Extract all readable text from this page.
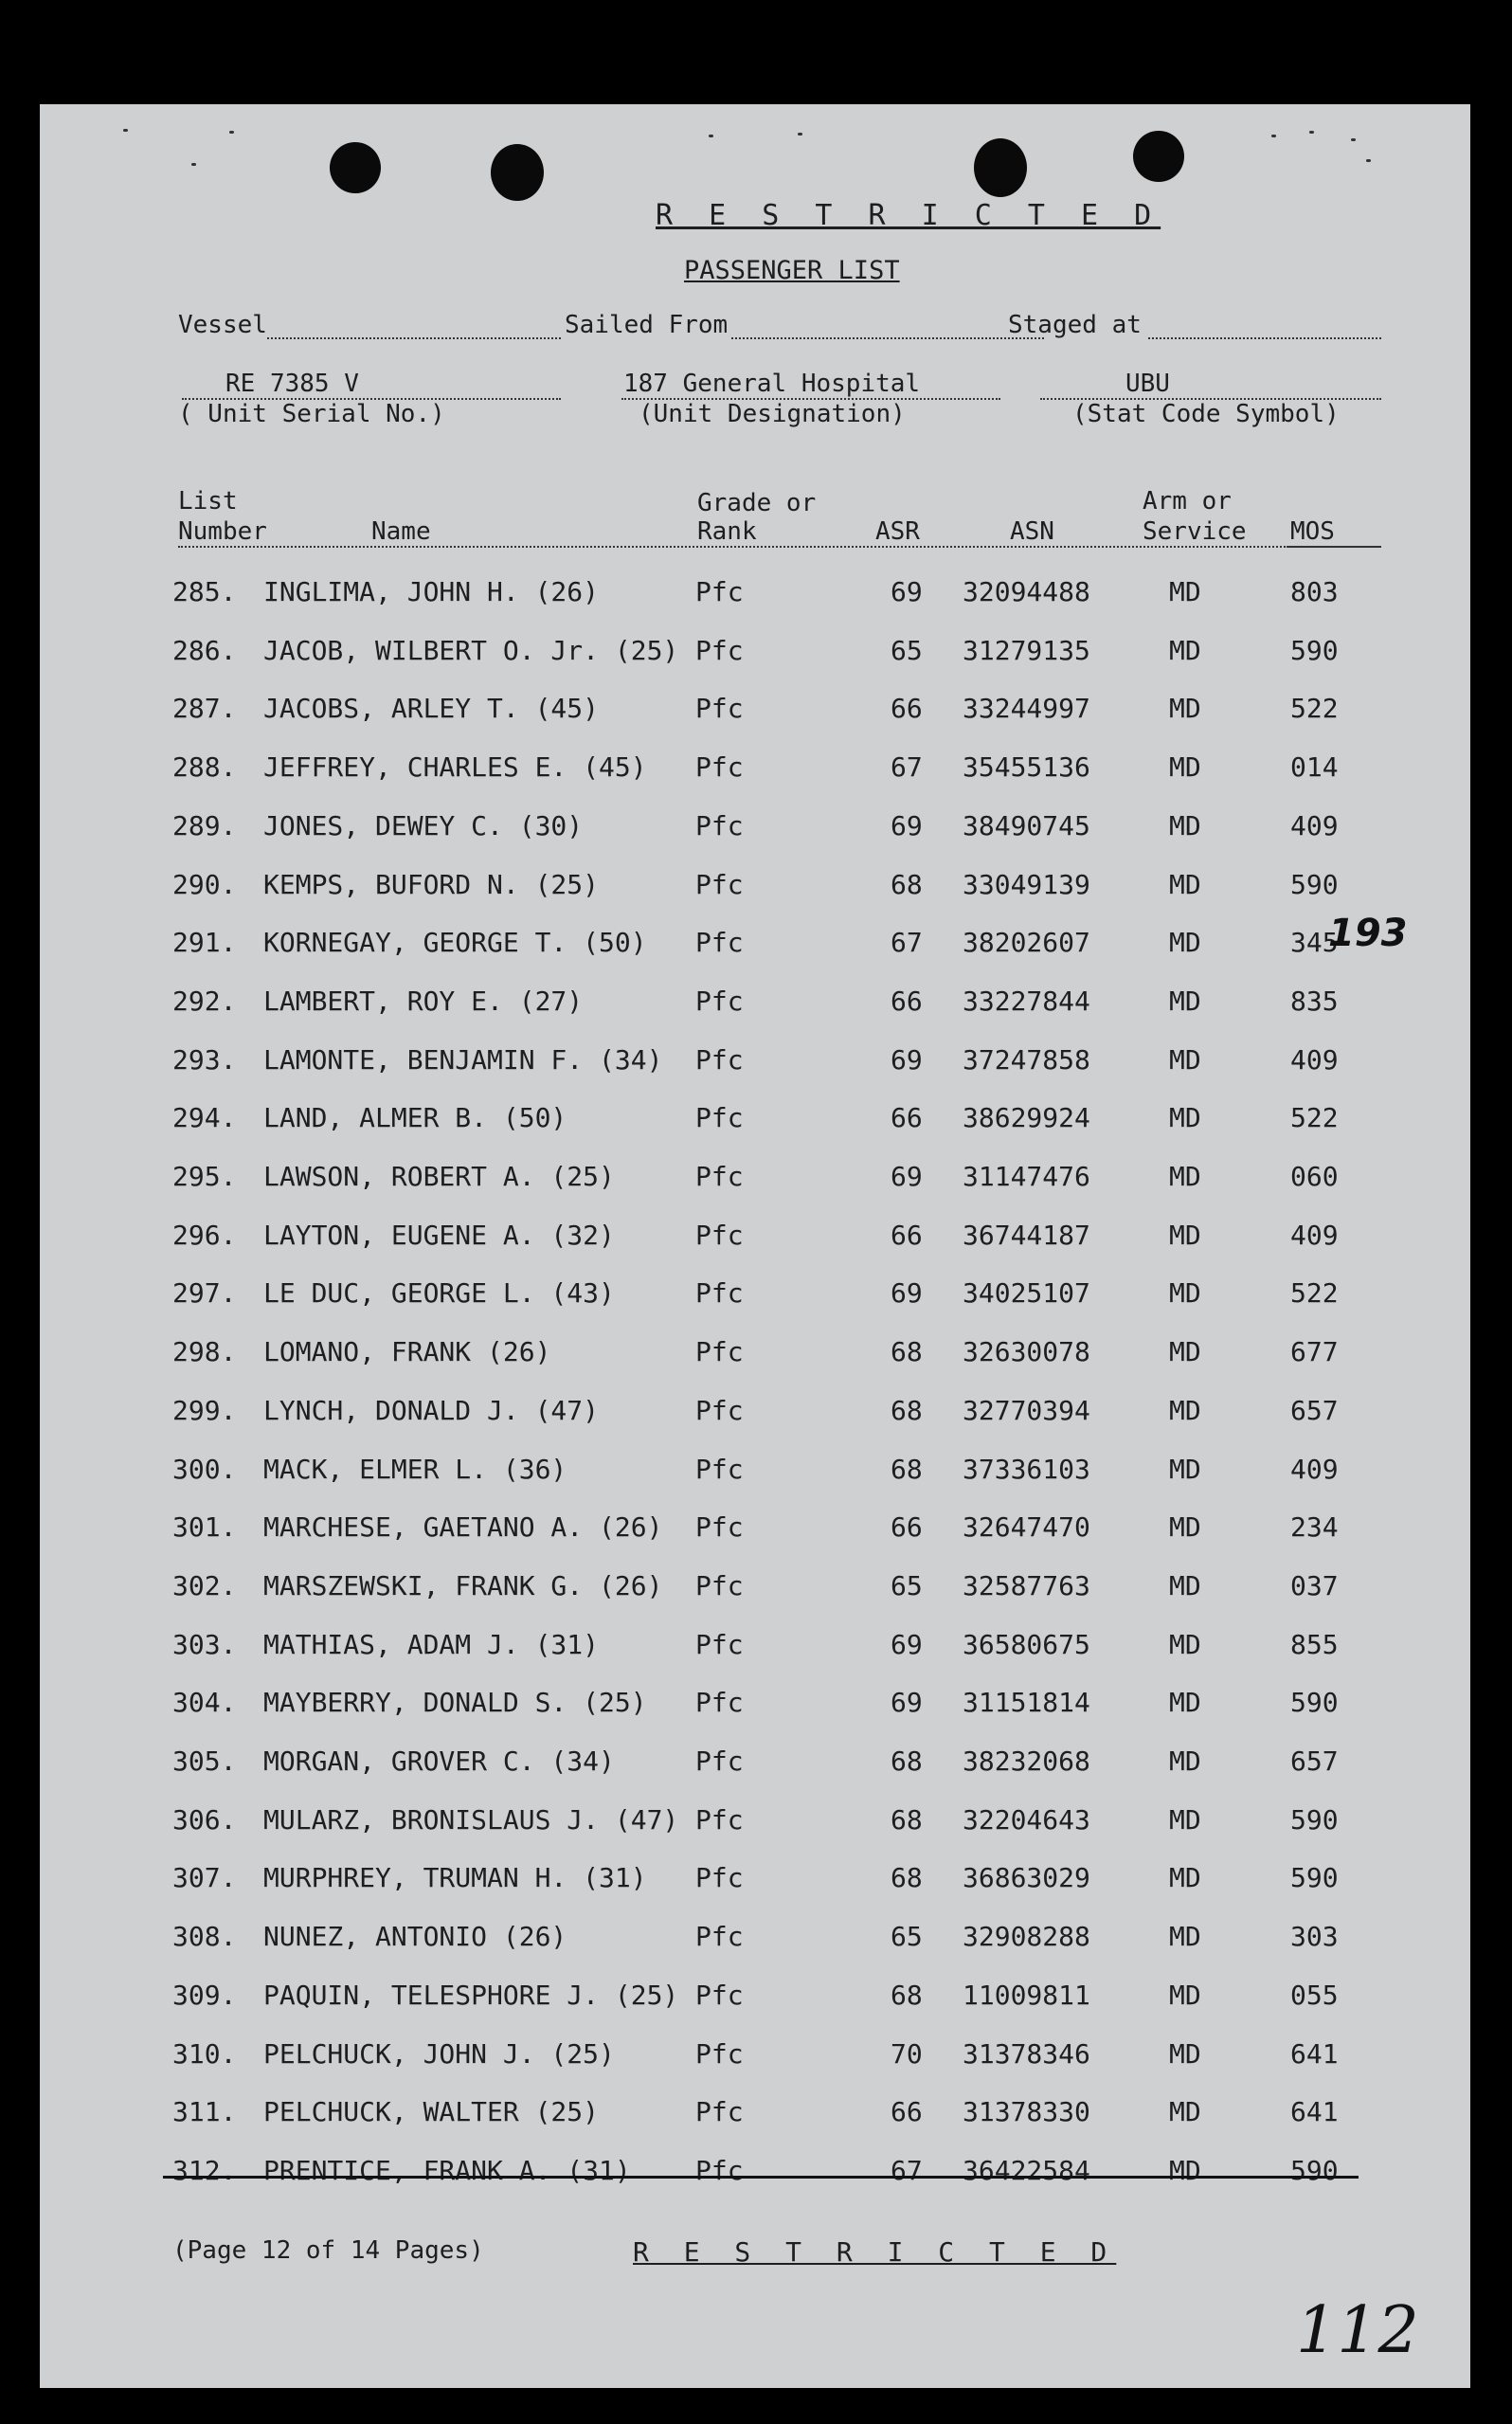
R E S T R I C T E D
PASSENGER LIST
Vessel	Sailed From	Staged at
RE 7385 V
( Unit Serial No.)
187 General Hospital
(Unit Designation)
UBU
(Stat Code Symbol)
List
Number	Name
Grade or
Rank	ASR	ASN
Arm or
Service MOS
285. INGLIMA, JOHN H. (26)	Pfc	69 32094488	MD	803
286. JACOB, WILBERT O. Jr. (25) Pfc	65 31279135	MD	590
287. JACOBS, ARLEY T. (45)	Pfc	66 33244997	MD	522
288. JEFFREY, CHARLES E. (45) Pfc	67 35455136	MD	014
289. JONES, DEWEY C. (30)	Pfc	69 38490745	MD	409
290. KEMPS, BUFORD N. (25)	Pfc	68 33049139	MD	590
291. KORNEGAY, GEORGE T. (50) Pfc	67 38202607	MD	345
292. LAMBERT, ROY E. (27)	Pfc	66 33227844	MD	835
293. LAMONTE, BENJAMIN F. (34) Pfc	69 37247858	MD	409
294. LAND, ALMER B. (50)	Pfc	66 38629924	MD	522
295. LAWSON, ROBERT A. (25)	Pfc	69 31147476	MD	060
296. LAYTON, EUGENE A. (32)	Pfc	66 36744187	MD	409
297. LE DUC, GEORGE L. (43)	Pfc	69 34025107	MD	522
298. LOMANO, FRANK (26)	Pfc	68 32630078	MD	677
299. LYNCH, DONALD J. (47)	Pfc	68 32770394	MD	657
300. MACK, ELMER L. (36)	Pfc	68 37336103	MD	409
301. MARCHESE, GAETANO A. (26) Pfc	66 32647470	MD	234
302. MARSZEWSKI, FRANK G. (26) Pfc	65 32587763	MD	037
303. MATHIAS, ADAM J. (31)	Pfc	69 36580675	MD	855
304. MAYBERRY, DONALD S. (25) Pfc	69 31151814	MD	590
305. MORGAN, GROVER C. (34)	Pfc	68 38232068	MD	657
306. MULARZ, BRONISLAUS J. (47) Pfc	68 32204643	MD	590
307. MURPHREY, TRUMAN H. (31) Pfc	68 36863029	MD	590
308. NUNEZ, ANTONIO (26)	Pfc	65 32908288	MD	303
309. PAQUIN, TELESPHORE J. (25) Pfc	68 11009811	MD	055
310. PELCHUCK, JOHN J. (25)	Pfc	70 31378346	MD	641
311. PELCHUCK, WALTER (25)	Pfc	66 31378330	MD	641
312. PRENTICE, FRANK A. (31) Pfc	67 36422584	MD	590
193
(Page 12 of 14 Pages)	R E S T R I C T E D
112
